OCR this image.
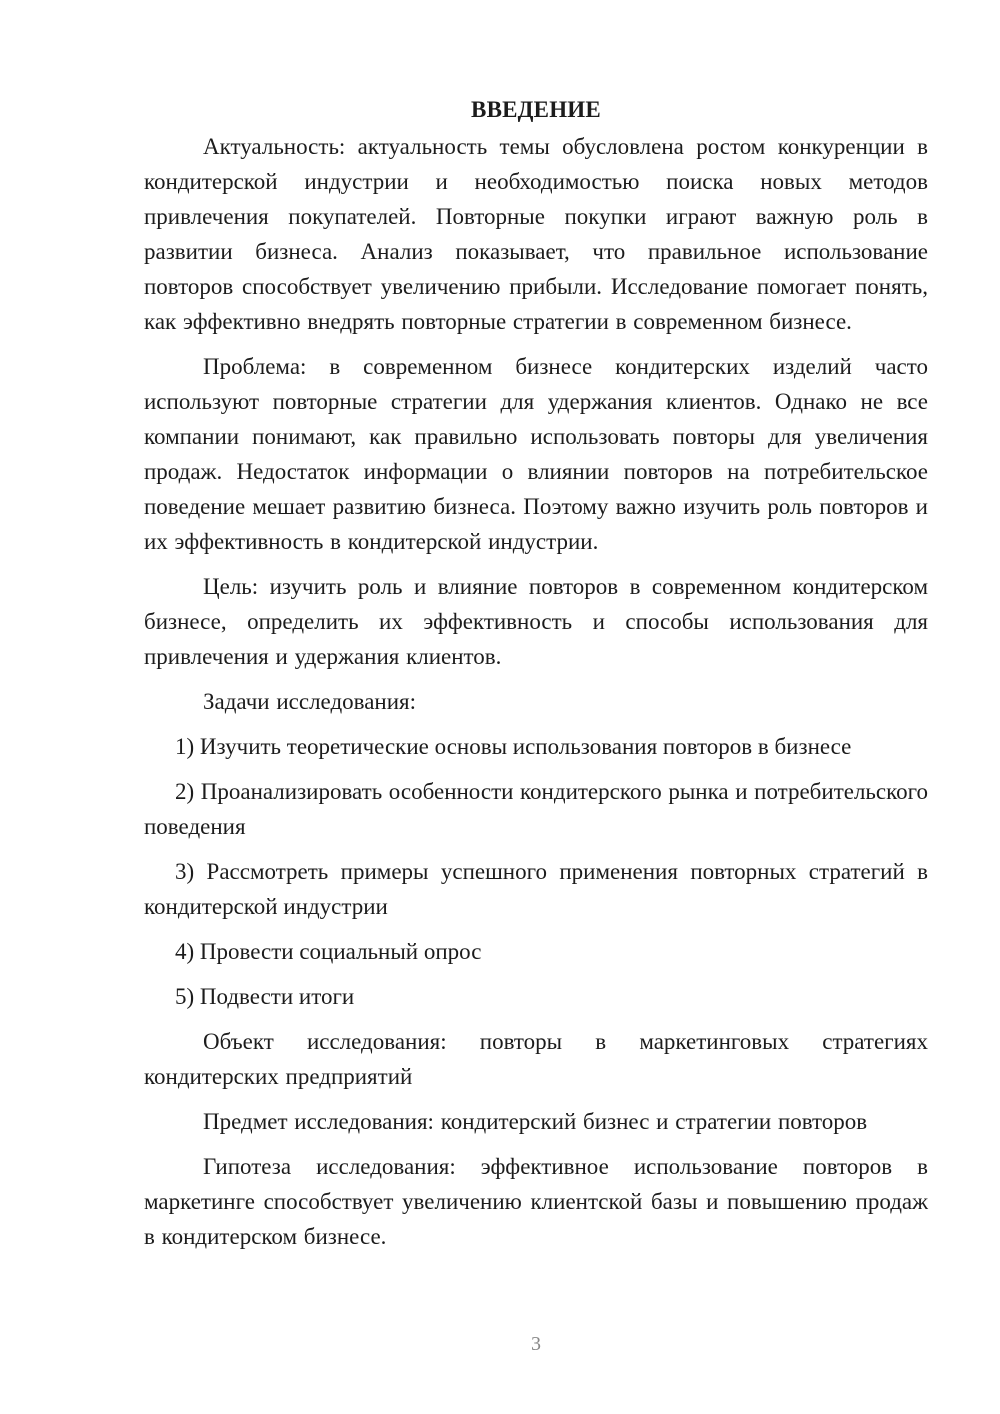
ВВЕДЕНИЕ

Актуальность: актуальность темы обусловлена ростом конкуренции в кондитерской индустрии и необходимостью поиска новых методов привлечения покупателей. Повторные покупки играют важную роль в развитии бизнеса. Анализ показывает, что правильное использование повторов способствует увеличению прибыли. Исследование помогает понять, как эффективно внедрять повторные стратегии в современном бизнесе.

Проблема: в современном бизнесе кондитерских изделий часто используют повторные стратегии для удержания клиентов. Однако не все компании понимают, как правильно использовать повторы для увеличения продаж. Недостаток информации о влиянии повторов на потребительское поведение мешает развитию бизнеса. Поэтому важно изучить роль повторов и их эффективность в кондитерской индустрии.

Цель: изучить роль и влияние повторов в современном кондитерском бизнесе, определить их эффективность и способы использования для привлечения и удержания клиентов.

Задачи исследования:

1) Изучить теоретические основы использования повторов в бизнесе

2) Проанализировать особенности кондитерского рынка и потребительского поведения

3) Рассмотреть примеры успешного применения повторных стратегий в кондитерской индустрии

4) Провести социальный опрос

5) Подвести итоги

Объект исследования: повторы в маркетинговых стратегиях кондитерских предприятий

Предмет исследования: кондитерский бизнес и стратегии повторов

Гипотеза исследования: эффективное использование повторов в маркетинге способствует увеличению клиентской базы и повышению продаж в кондитерском бизнесе.

3
